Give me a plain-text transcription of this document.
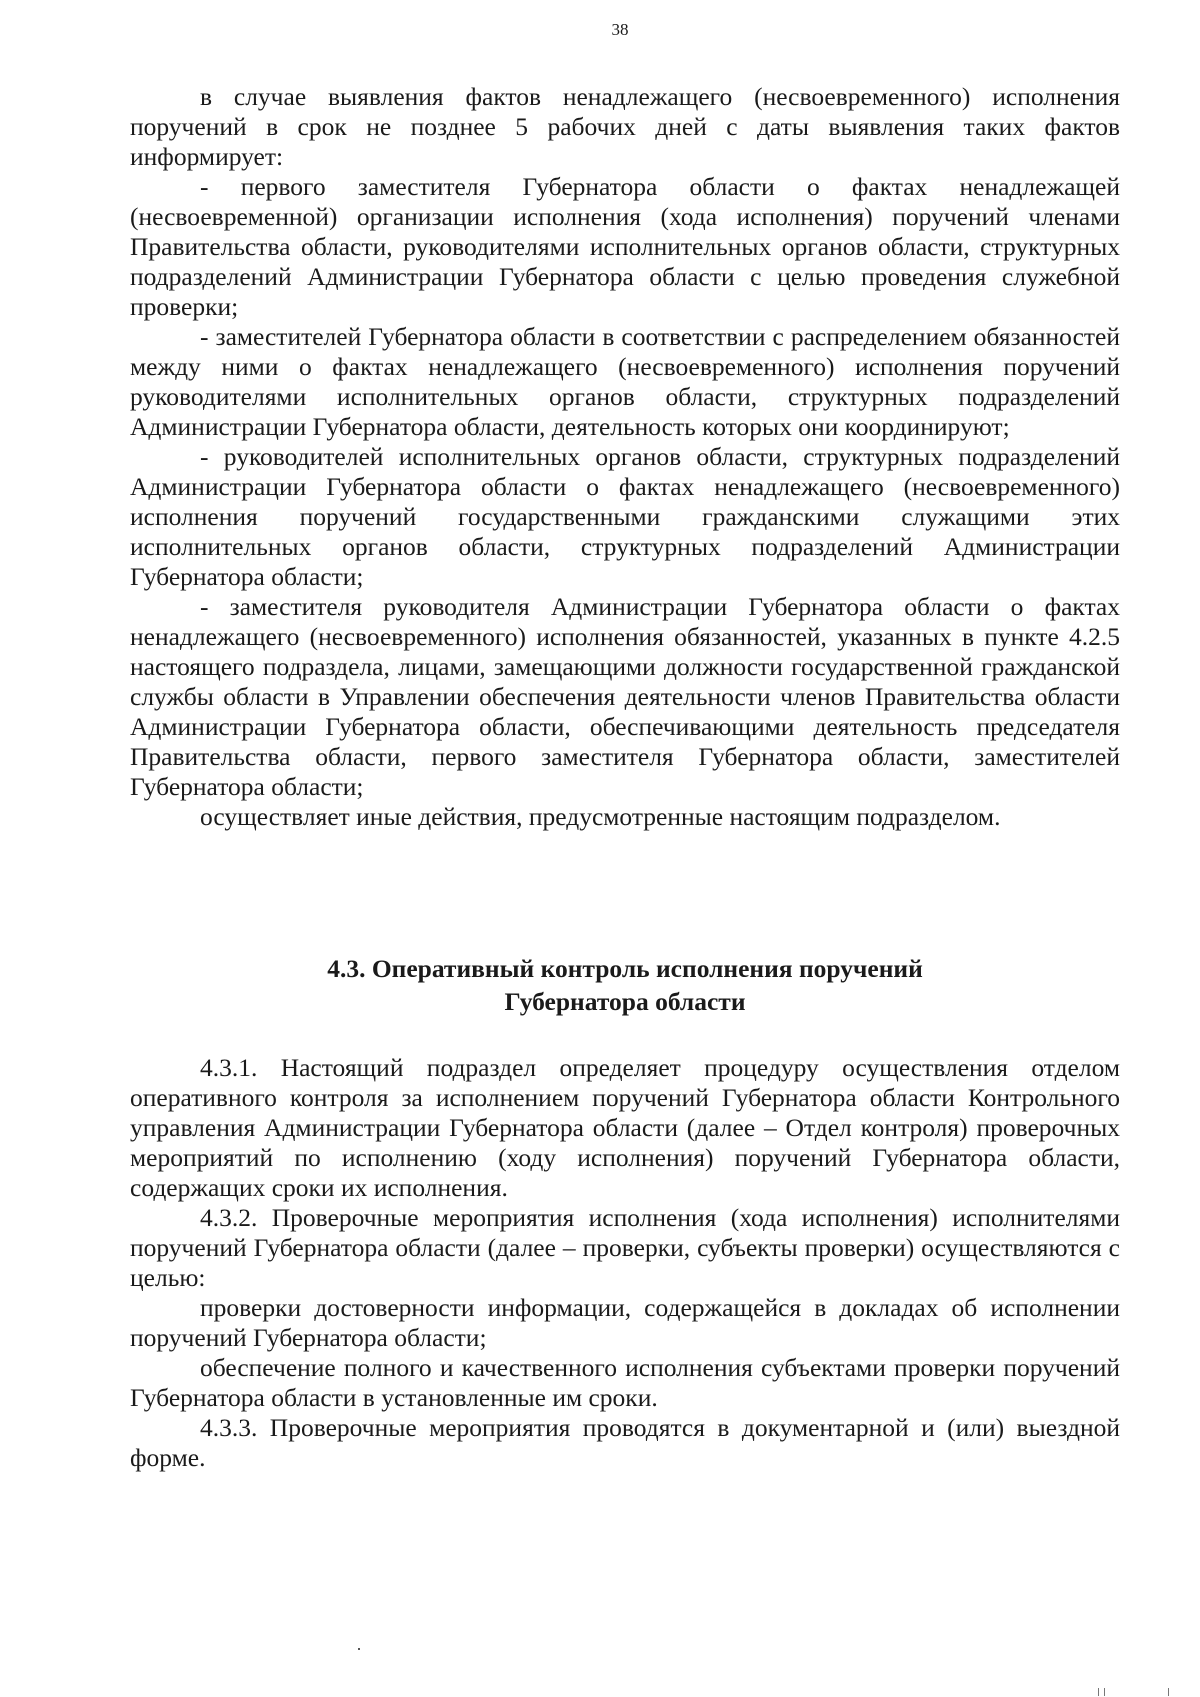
38

в случае выявления фактов ненадлежащего (несвоевременного) исполнения поручений в срок не позднее 5 рабочих дней с даты выявления таких фактов информирует:

- первого заместителя Губернатора области о фактах ненадлежащей (несвоевременной) организации исполнения (хода исполнения) поручений членами Правительства области, руководителями исполнительных органов области, структурных подразделений Администрации Губернатора области с целью проведения служебной проверки;

- заместителей Губернатора области в соответствии с распределением обязанностей между ними о фактах ненадлежащего (несвоевременного) исполнения поручений руководителями исполнительных органов области, структурных подразделений Администрации Губернатора области, деятельность которых они координируют;

- руководителей исполнительных органов области, структурных подразделений Администрации Губернатора области о фактах ненадлежащего (несвоевременного) исполнения поручений государственными гражданскими служащими этих исполнительных органов области, структурных подразделений Администрации Губернатора области;

- заместителя руководителя Администрации Губернатора области о фактах ненадлежащего (несвоевременного) исполнения обязанностей, указанных в пункте 4.2.5 настоящего подраздела, лицами, замещающими должности государственной гражданской службы области в Управлении обеспечения деятельности членов Правительства области Администрации Губернатора области, обеспечивающими деятельность председателя Правительства области, первого заместителя Губернатора области, заместителей Губернатора области;

осуществляет иные действия, предусмотренные настоящим подразделом.

4.3. Оперативный контроль исполнения поручений
Губернатора области

4.3.1. Настоящий подраздел определяет процедуру осуществления отделом оперативного контроля за исполнением поручений Губернатора области Контрольного управления Администрации Губернатора области (далее – Отдел контроля) проверочных мероприятий по исполнению (ходу исполнения) поручений Губернатора области, содержащих сроки их исполнения.

4.3.2. Проверочные мероприятия исполнения (хода исполнения) исполнителями поручений Губернатора области (далее – проверки, субъекты проверки) осуществляются с целью:

проверки достоверности информации, содержащейся в докладах об исполнении поручений Губернатора области;

обеспечение полного и качественного исполнения субъектами проверки поручений Губернатора области в установленные им сроки.

4.3.3. Проверочные мероприятия проводятся в документарной и (или) выездной форме.
